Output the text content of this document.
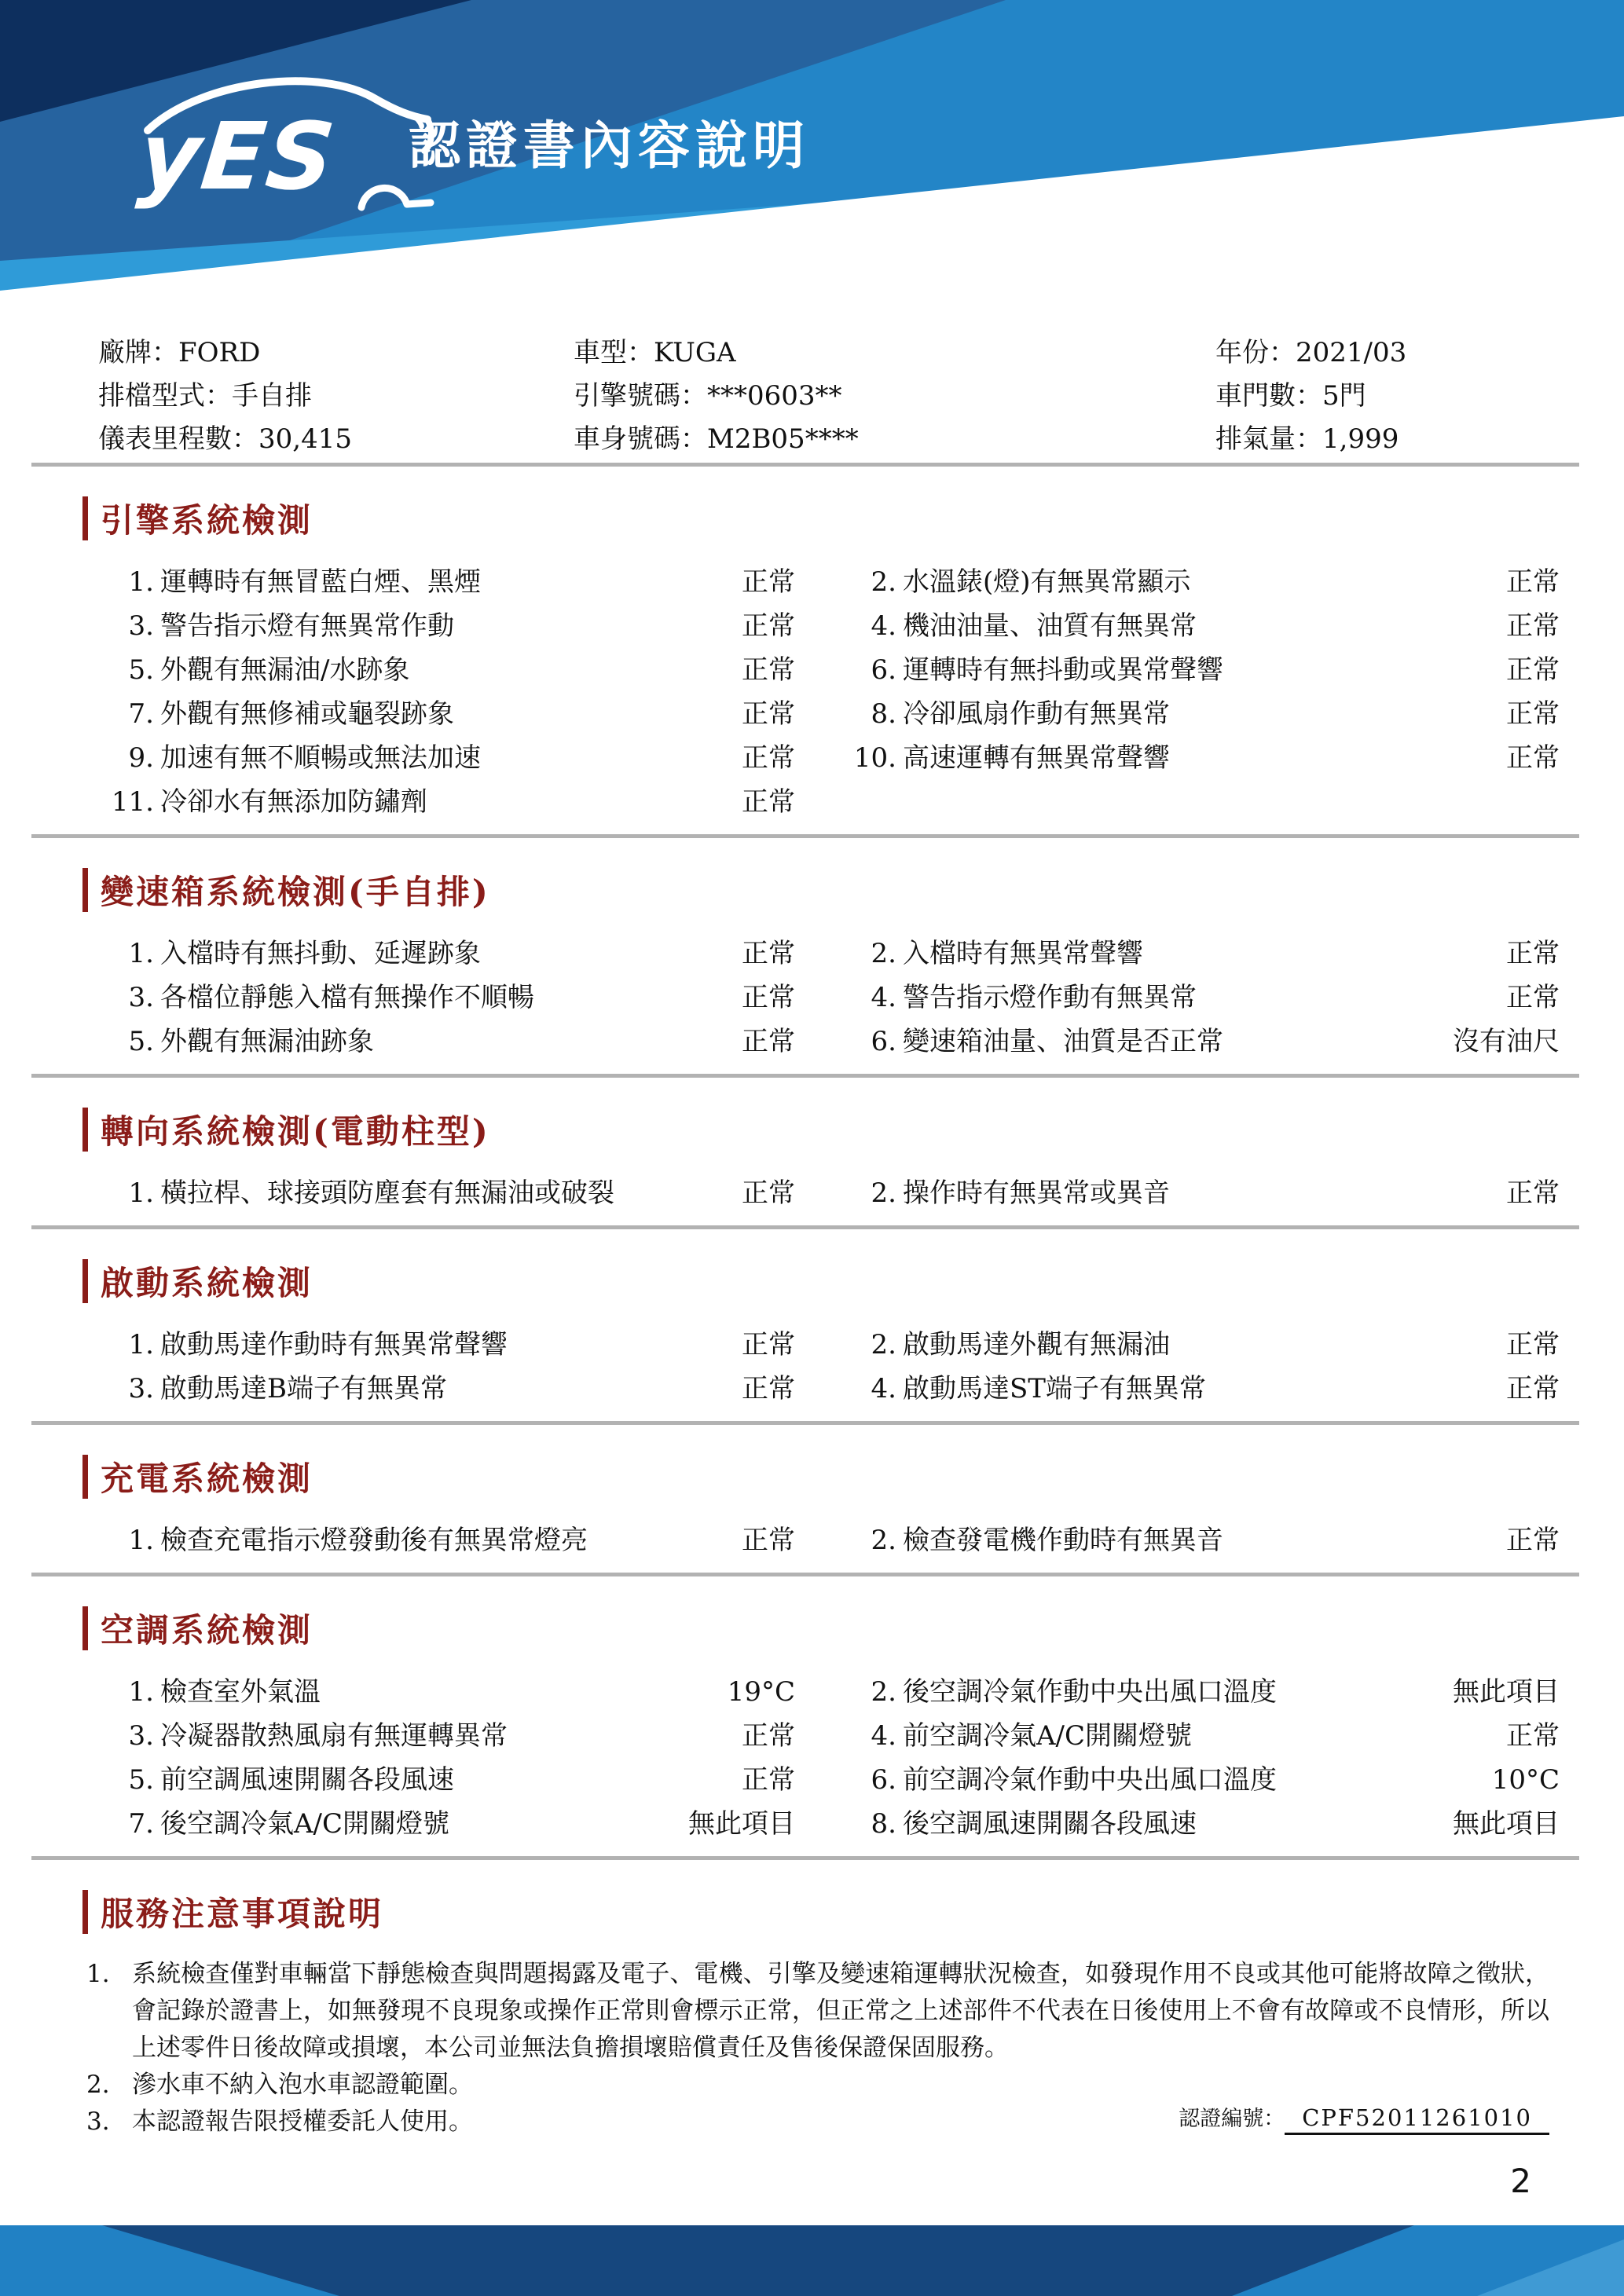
yES 認證書內容說明
廠牌：FORD	車型：KUGA	年份：2021/03
排檔型式：手自排	引擎號碼：***0603**	車門數：5門
儀表里程數：30,415	車身號碼：M2B05****	排氣量：1,999
引擎系統檢測
1. 運轉時有無冒藍白煙、黑煙	正常	2. 水溫錶(燈)有無異常顯示	正常
3. 警告指示燈有無異常作動	正常	4. 機油油量、油質有無異常	正常
5. 外觀有無漏油/水跡象	正常	6. 運轉時有無抖動或異常聲響	正常
7. 外觀有無修補或龜裂跡象	正常	8. 冷卻風扇作動有無異常	正常
9. 加速有無不順暢或無法加速	正常 10. 高速運轉有無異常聲響	正常
11. 冷卻水有無添加防鏽劑	正常
變速箱系統檢測(手自排)
1. 入檔時有無抖動、延遲跡象	正常	2. 入檔時有無異常聲響	正常
3. 各檔位靜態入檔有無操作不順暢	正常	4. 警告指示燈作動有無異常	正常
5. 外觀有無漏油跡象	正常	6. 變速箱油量、油質是否正常	沒有油尺
轉向系統檢測(電動柱型)
1. 橫拉桿、球接頭防塵套有無漏油或破裂	正常	2. 操作時有無異常或異音	正常
啟動系統檢測
1. 啟動馬達作動時有無異常聲響	正常	2. 啟動馬達外觀有無漏油	正常
3. 啟動馬達B端子有無異常	正常	4. 啟動馬達ST端子有無異常	正常
充電系統檢測
1. 檢查充電指示燈發動後有無異常燈亮	正常	2. 檢查發電機作動時有無異音	正常
空調系統檢測
1. 檢查室外氣溫	19°C	2. 後空調冷氣作動中央出風口溫度	無此項目
3. 冷凝器散熱風扇有無運轉異常	正常	4. 前空調冷氣A/C開關燈號	正常
5. 前空調風速開關各段風速	正常	6. 前空調冷氣作動中央出風口溫度	10°C
7. 後空調冷氣A/C開關燈號	無此項目	8. 後空調風速開關各段風速	無此項目
服務注意事項說明
1. 系統檢查僅對車輛當下靜態檢查與問題揭露及電子、電機、引擎及變速箱運轉狀況檢查，如發現作用不良或其他可能將故障之徵狀，會記錄於證書上，如無發現不良現象或操作正常則會標示正常，但正常之上述部件不代表在日後使用上不會有故障或不良情形，所以上述零件日後故障或損壞，本公司並無法負擔損壞賠償責任及售後保證保固服務。
2. 滲水車不納入泡水車認證範圍。
3. 本認證報告限授權委託人使用。	認證編號： CPF52011261010
2
